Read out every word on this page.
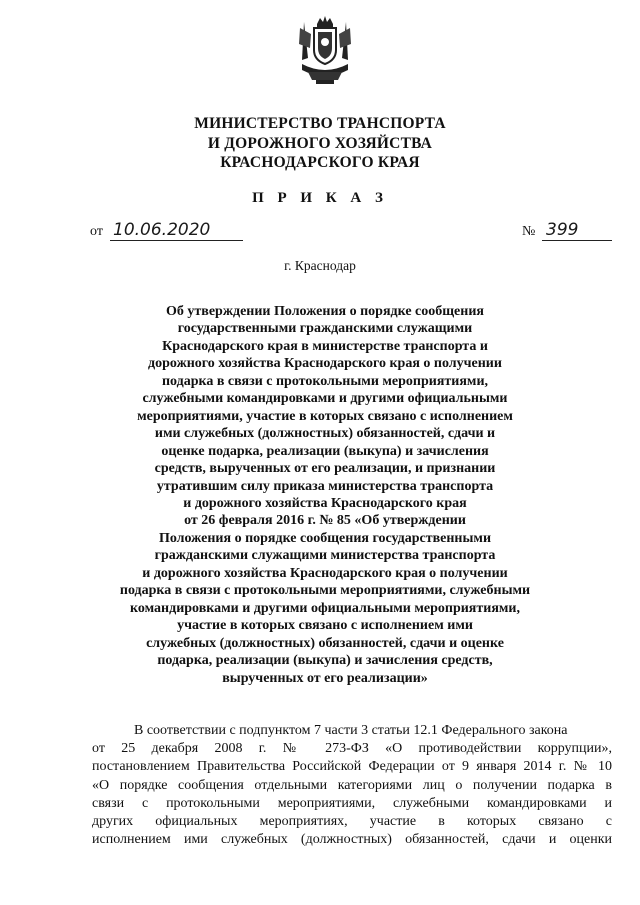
МИНИСТЕРСТВО ТРАНСПОРТА
И ДОРОЖНОГО ХОЗЯЙСТВА
КРАСНОДАРСКОГО КРАЯ
П Р И К А З
от 10.06.2020	№ 399
г. Краснодар
Об утверждении Положения о порядке сообщения
государственными гражданскими служащими
Краснодарского края в министерстве транспорта и
дорожного хозяйства Краснодарского края о получении
подарка в связи с протокольными мероприятиями,
служебными командировками и другими официальными
мероприятиями, участие в которых связано с исполнением
ими служебных (должностных) обязанностей, сдачи и
оценке подарка, реализации (выкупа) и зачисления
средств, вырученных от его реализации, и признании
утратившим силу приказа министерства транспорта
и дорожного хозяйства Краснодарского края
от 26 февраля 2016 г. № 85 «Об утверждении
Положения о порядке сообщения государственными
гражданскими служащими министерства транспорта
и дорожного хозяйства Краснодарского края о получении
подарка в связи с протокольными мероприятиями, служебными
командировками и другими официальными мероприятиями,
участие в которых связано с исполнением ими
служебных (должностных) обязанностей, сдачи и оценке
подарка, реализации (выкупа) и зачисления средств,
вырученных от его реализации»
В соответствии с подпунктом 7 части 3 статьи 12.1 Федерального закона
от 25 декабря 2008 г. № 273-ФЗ «О противодействии коррупции»,
постановлением Правительства Российской Федерации от 9 января 2014 г. № 10
«О порядке сообщения отдельными категориями лиц о получении подарка в
связи с протокольными мероприятиями, служебными командировками и
других официальных мероприятиях, участие в которых связано с
исполнением ими служебных (должностных) обязанностей, сдачи и оценки
